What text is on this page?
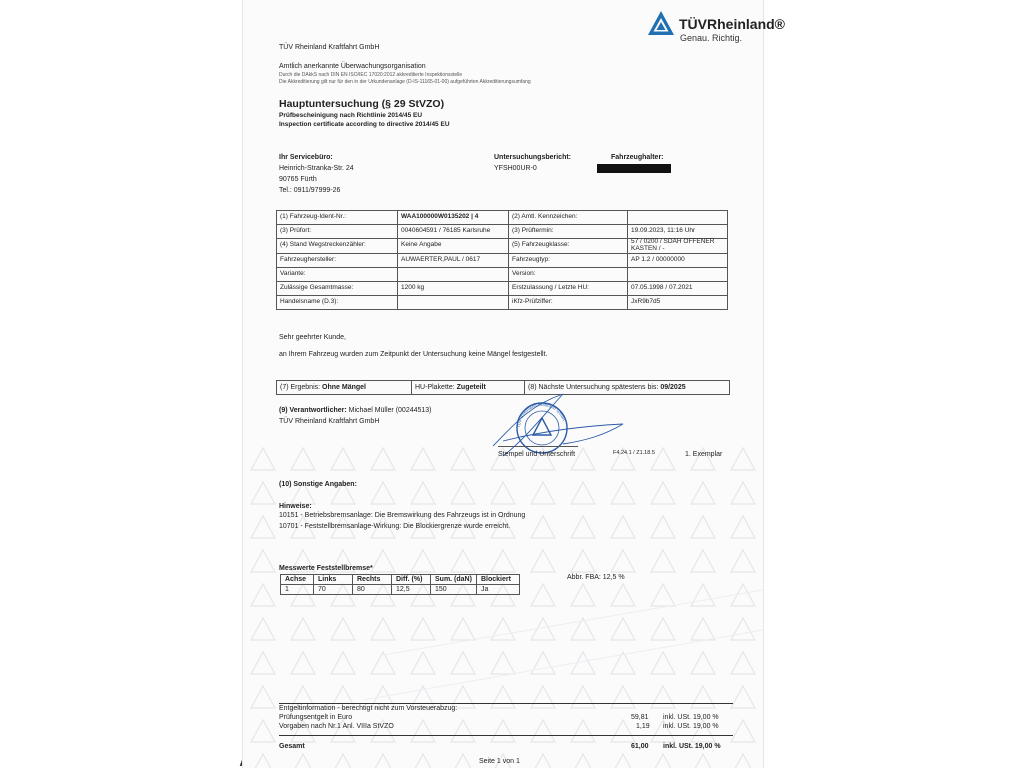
TÜVRheinland®
Genau. Richtig.
TÜV Rheinland Kraftfahrt GmbH
Amtlich anerkannte Überwachungsorganisation
Durch die DAkkS nach DIN EN ISO/IEC 17020:2012 akkreditierte Inspektionsstelle
Die Akkreditierung gilt nur für den in der Urkundenanlage (D-IS-11165-01-00) aufgeführten Akkreditierungsumfang
Hauptuntersuchung (§ 29 StVZO)
Prüfbescheinigung nach Richtlinie 2014/45 EU
Inspection certificate according to directive 2014/45 EU
Ihr Servicebüro:
Heinrich-Stranka-Str. 24
90765 Fürth
Tel.: 0911/97999-26
Untersuchungsbericht:
YFSH00UR-0
Fahrzeughalter:
(1) Fahrzeug-Ident-Nr.:	WAA100000W0135202 | 4	(2) Amtl. Kennzeichen:	
(3) Prüfort:	0040604591 / 76185 Karlsruhe	(3) Prüftermin:	19.09.2023, 11:16 Uhr
(4) Stand Wegstreckenzähler:	Keine Angabe	(5) Fahrzeugklasse:	57 / 0200 / SDAH OFFENER KASTEN / -
Fahrzeughersteller:	AUWAERTER,PAUL / 0617	Fahrzeugtyp:	AP 1.2 / 00000000
Variante:		Version:	
Zulässige Gesamtmasse:	1200 kg	Erstzulassung / Letzte HU:	07.05.1998 / 07.2021
Handelsname (D.3):		iKfz-Prüfziffer:	JxR9b7d5
Sehr geehrter Kunde,
an Ihrem Fahrzeug wurden zum Zeitpunkt der Untersuchung keine Mängel festgestellt.
(7) Ergebnis: Ohne Mängel	HU-Plakette: Zugeteilt	(8) Nächste Untersuchung spätestens bis: 09/2025
(9) Verantwortlicher: Michael Müller (00244513)
TÜV Rheinland Kraftfahrt GmbH
TÜV Rheinland Kraftfahrt GmbH
Stempel und Unterschrift	F4.24.1 / Z1.18.5	1. Exemplar
(10) Sonstige Angaben:
Hinweise:
10151 - Betriebsbremsanlage: Die Bremswirkung des Fahrzeugs ist in Ordnung
10701 - Feststellbremsanlage-Wirkung: Die Blockiergrenze wurde erreicht.
Messwerte Feststellbremse*
Achse	Links	Rechts	Diff. (%)	Sum. (daN)	Blockiert
1	70	80	12,5	150	Ja
Abbr. FBA: 12,5 %
Entgeltinformation - berechtigt nicht zum Vorsteuerabzug:
Prüfungsentgelt in Euro	59,81 inkl. USt. 19,00 %
Vorgaben nach Nr.1 Anl. VIIIa StVZO	1,19 inkl. USt. 19,00 %
Gesamt	61,00 inkl. USt. 19,00 %
Seite 1 von 1
